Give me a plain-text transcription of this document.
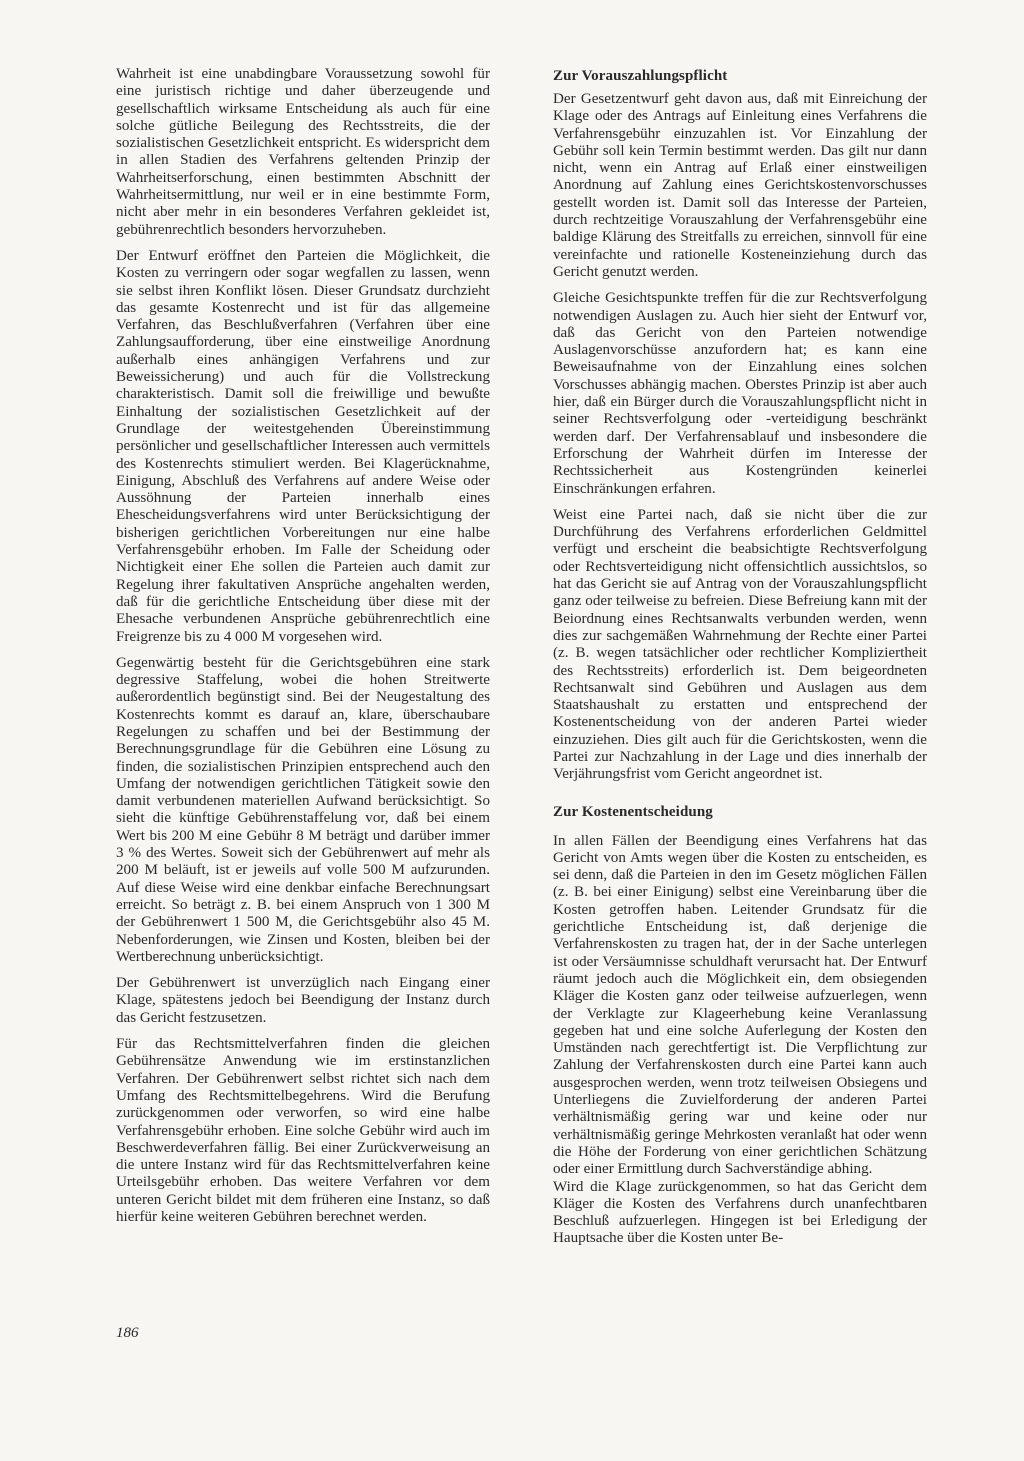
Wahrheit ist eine unabdingbare Voraussetzung sowohl für eine juristisch richtige und daher überzeugende und gesellschaftlich wirksame Entscheidung als auch für eine solche gütliche Beilegung des Rechtsstreits, die der sozialistischen Gesetzlichkeit entspricht. Es widerspricht dem in allen Stadien des Verfahrens geltenden Prinzip der Wahrheitserforschung, einen bestimmten Abschnitt der Wahrheitsermittlung, nur weil er in eine bestimmte Form, nicht aber mehr in ein besonderes Verfahren gekleidet ist, gebührenrechtlich besonders hervorzuheben.

Der Entwurf eröffnet den Parteien die Möglichkeit, die Kosten zu verringern oder sogar wegfallen zu lassen, wenn sie selbst ihren Konflikt lösen. Dieser Grundsatz durchzieht das gesamte Kostenrecht und ist für das allgemeine Verfahren, das Beschlußverfahren (Verfahren über eine Zahlungsaufforderung, über eine einstweilige Anordnung außerhalb eines anhängigen Verfahrens und zur Beweissicherung) und auch für die Vollstreckung charakteristisch. Damit soll die freiwillige und bewußte Einhaltung der sozialistischen Gesetzlichkeit auf der Grundlage der weitestgehenden Übereinstimmung persönlicher und gesellschaftlicher Interessen auch vermittels des Kostenrechts stimuliert werden. Bei Klagerücknahme, Einigung, Abschluß des Verfahrens auf andere Weise oder Aussöhnung der Parteien innerhalb eines Ehescheidungsverfahrens wird unter Berücksichtigung der bisherigen gerichtlichen Vorbereitungen nur eine halbe Verfahrensgebühr erhoben. Im Falle der Scheidung oder Nichtigkeit einer Ehe sollen die Parteien auch damit zur Regelung ihrer fakultativen Ansprüche angehalten werden, daß für die gerichtliche Entscheidung über diese mit der Ehesache verbundenen Ansprüche gebührenrechtlich eine Freigrenze bis zu 4 000 M vorgesehen wird.

Gegenwärtig besteht für die Gerichtsgebühren eine stark degressive Staffelung, wobei die hohen Streitwerte außerordentlich begünstigt sind. Bei der Neugestaltung des Kostenrechts kommt es darauf an, klare, überschaubare Regelungen zu schaffen und bei der Bestimmung der Berechnungsgrundlage für die Gebühren eine Lösung zu finden, die sozialistischen Prinzipien entsprechend auch den Umfang der notwendigen gerichtlichen Tätigkeit sowie den damit verbundenen materiellen Aufwand berücksichtigt. So sieht die künftige Gebührenstaffelung vor, daß bei einem Wert bis 200 M eine Gebühr 8 M beträgt und darüber immer 3 % des Wertes. Soweit sich der Gebührenwert auf mehr als 200 M beläuft, ist er jeweils auf volle 500 M aufzurunden. Auf diese Weise wird eine denkbar einfache Berechnungsart erreicht. So beträgt z. B. bei einem Anspruch von 1 300 M der Gebührenwert 1 500 M, die Gerichtsgebühr also 45 M. Nebenforderungen, wie Zinsen und Kosten, bleiben bei der Wertberechnung unberücksichtigt.

Der Gebührenwert ist unverzüglich nach Eingang einer Klage, spätestens jedoch bei Beendigung der Instanz durch das Gericht festzusetzen.

Für das Rechtsmittelverfahren finden die gleichen Gebührensätze Anwendung wie im erstinstanzlichen Verfahren. Der Gebührenwert selbst richtet sich nach dem Umfang des Rechtsmittelbegehrens. Wird die Berufung zurückgenommen oder verworfen, so wird eine halbe Verfahrensgebühr erhoben. Eine solche Gebühr wird auch im Beschwerdeverfahren fällig. Bei einer Zurückverweisung an die untere Instanz wird für das Rechtsmittelverfahren keine Urteilsgebühr erhoben. Das weitere Verfahren vor dem unteren Gericht bildet mit dem früheren eine Instanz, so daß hierfür keine weiteren Gebühren berechnet werden.

Zur Vorauszahlungspflicht

Der Gesetzentwurf geht davon aus, daß mit Einreichung der Klage oder des Antrags auf Einleitung eines Verfahrens die Verfahrensgebühr einzuzahlen ist. Vor Einzahlung der Gebühr soll kein Termin bestimmt werden. Das gilt nur dann nicht, wenn ein Antrag auf Erlaß einer einstweiligen Anordnung auf Zahlung eines Gerichtskostenvorschusses gestellt worden ist. Damit soll das Interesse der Parteien, durch rechtzeitige Vorauszahlung der Verfahrensgebühr eine baldige Klärung des Streitfalls zu erreichen, sinnvoll für eine vereinfachte und rationelle Kosteneinziehung durch das Gericht genutzt werden.

Gleiche Gesichtspunkte treffen für die zur Rechtsverfolgung notwendigen Auslagen zu. Auch hier sieht der Entwurf vor, daß das Gericht von den Parteien notwendige Auslagenvorschüsse anzufordern hat; es kann eine Beweisaufnahme von der Einzahlung eines solchen Vorschusses abhängig machen. Oberstes Prinzip ist aber auch hier, daß ein Bürger durch die Vorauszahlungspflicht nicht in seiner Rechtsverfolgung oder -verteidigung beschränkt werden darf. Der Verfahrensablauf und insbesondere die Erforschung der Wahrheit dürfen im Interesse der Rechtssicherheit aus Kostengründen keinerlei Einschränkungen erfahren.

Weist eine Partei nach, daß sie nicht über die zur Durchführung des Verfahrens erforderlichen Geldmittel verfügt und erscheint die beabsichtigte Rechtsverfolgung oder Rechtsverteidigung nicht offensichtlich aussichtslos, so hat das Gericht sie auf Antrag von der Vorauszahlungspflicht ganz oder teilweise zu befreien. Diese Befreiung kann mit der Beiordnung eines Rechtsanwalts verbunden werden, wenn dies zur sachgemäßen Wahrnehmung der Rechte einer Partei (z. B. wegen tatsächlicher oder rechtlicher Kompliziertheit des Rechtsstreits) erforderlich ist. Dem beigeordneten Rechtsanwalt sind Gebühren und Auslagen aus dem Staatshaushalt zu erstatten und entsprechend der Kostenentscheidung von der anderen Partei wieder einzuziehen. Dies gilt auch für die Gerichtskosten, wenn die Partei zur Nachzahlung in der Lage und dies innerhalb der Verjährungsfrist vom Gericht angeordnet ist.

Zur Kostenentscheidung

In allen Fällen der Beendigung eines Verfahrens hat das Gericht von Amts wegen über die Kosten zu entscheiden, es sei denn, daß die Parteien in den im Gesetz möglichen Fällen (z. B. bei einer Einigung) selbst eine Vereinbarung über die Kosten getroffen haben. Leitender Grundsatz für die gerichtliche Entscheidung ist, daß derjenige die Verfahrenskosten zu tragen hat, der in der Sache unterlegen ist oder Versäumnisse schuldhaft verursacht hat. Der Entwurf räumt jedoch auch die Möglichkeit ein, dem obsiegenden Kläger die Kosten ganz oder teilweise aufzuerlegen, wenn der Verklagte zur Klageerhebung keine Veranlassung gegeben hat und eine solche Auferlegung der Kosten den Umständen nach gerechtfertigt ist. Die Verpflichtung zur Zahlung der Verfahrenskosten durch eine Partei kann auch ausgesprochen werden, wenn trotz teilweisen Obsiegens und Unterliegens die Zuvielforderung der anderen Partei verhältnismäßig gering war und keine oder nur verhältnismäßig geringe Mehrkosten veranlaßt hat oder wenn die Höhe der Forderung von einer gerichtlichen Schätzung oder einer Ermittlung durch Sachverständige abhing.

Wird die Klage zurückgenommen, so hat das Gericht dem Kläger die Kosten des Verfahrens durch unanfechtbaren Beschluß aufzuerlegen. Hingegen ist bei Erledigung der Hauptsache über die Kosten unter Be-

186
